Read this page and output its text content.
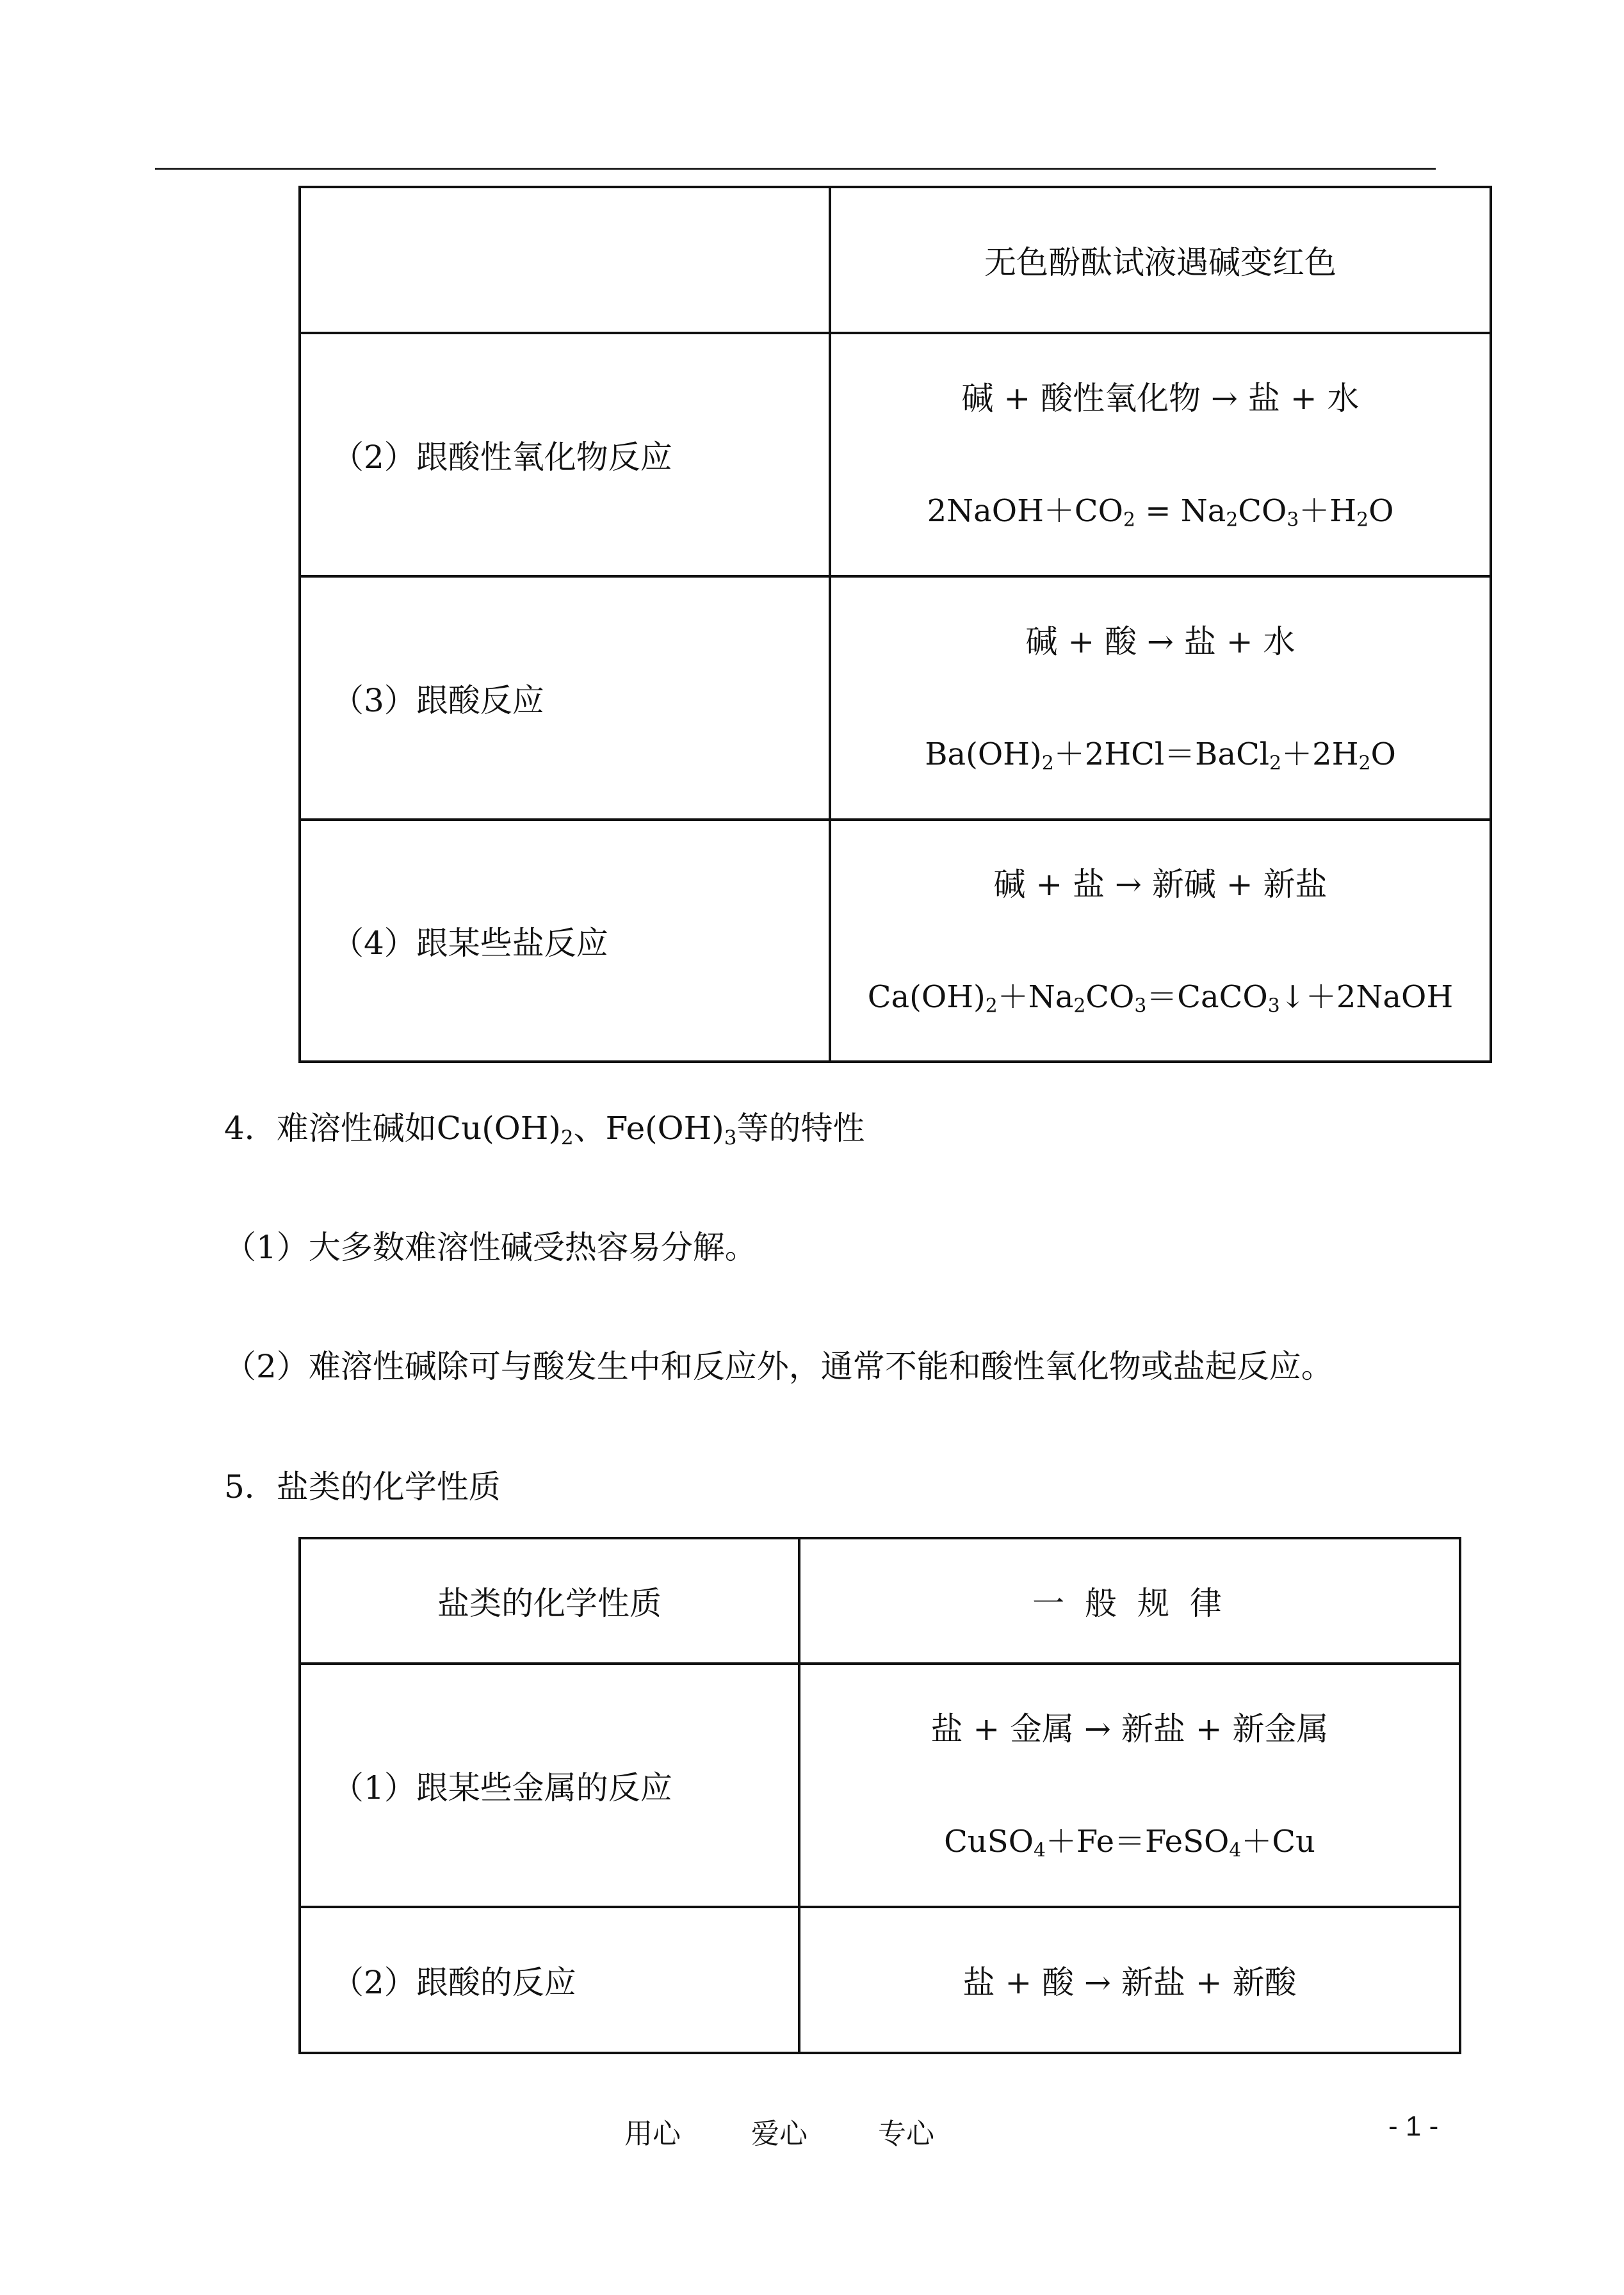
	无色酚酞试液遇碱变红色
（2）跟酸性氧化物反应	碱 + 酸性氧化物 → 盐 + 水
$2NaOH+CO_2 = Na_2CO_3+H_2O$

（3）跟酸反应	碱 + 酸 → 盐 + 水
$Ba(OH)_2+2HCl=BaCl_2+2H_2O$

（4）跟某些盐反应	碱 + 盐 → 新碱 + 新盐
$Ca(OH)_2+Na_2CO_3=CaCO_3↓+2NaOH$
4．难溶性碱如$Cu(OH)_2$、$Fe(OH)_3$等的特性
（1）大多数难溶性碱受热容易分解。
（2）难溶性碱除可与酸发生中和反应外，通常不能和酸性氧化物或盐起反应。
5．盐类的化学性质
盐类的化学性质	一 般 规 律
（1）跟某些金属的反应	盐 + 金属 → 新盐 + 新金属
CuSO$_4$＋Fe＝FeSO$_4$＋Cu

（2）跟酸的反应	盐 + 酸 → 新盐 + 新酸
用心	爱心	专心	- 1 -
